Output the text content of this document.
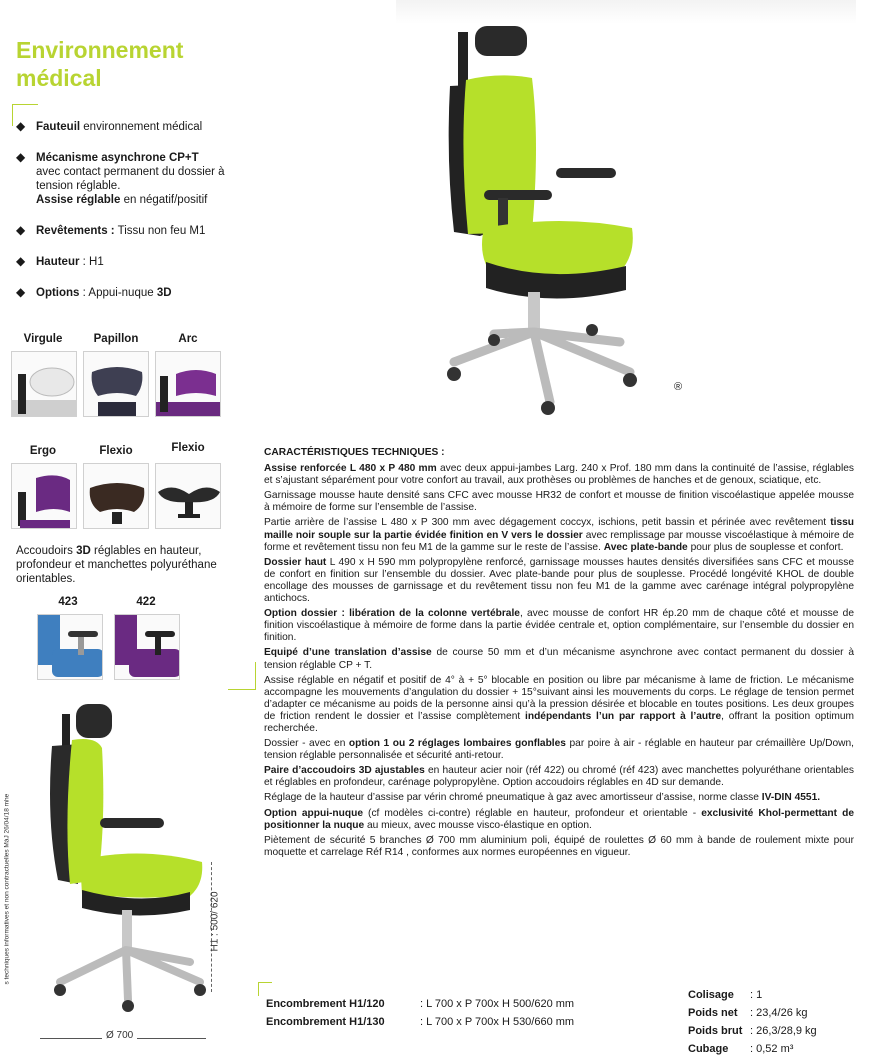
Environnement
médical
◆ Fauteuil environnement médical
◆ Mécanisme asynchrone CP+T
avec contact permanent du dossier à tension réglable.
Assise réglable en négatif/positif
◆ Revêtements : Tissu non feu M1
◆ Hauteur : H1
◆ Options : Appui-nuque 3D
Virgule	Papillon	Arc
Ergo	Flexio	Flexio
Accoudoirs 3D réglables en hauteur, profondeur et manchettes polyuréthane orientables.
423	422
®
H1 : 500/ 620
Ø 700
s techniques informatives et non contractuelles MàJ 26/04/18 mhe
CARACTÉRISTIQUES TECHNIQUES :

Assise renforcée L 480 x P 480 mm avec deux appui-jambes Larg. 240 x Prof. 180 mm dans la continuité de l’assise, réglables et s’ajustant séparément pour votre confort au travail, aux prothèses ou problèmes de hanches et de genoux, sciatique, etc.

Garnissage mousse haute densité sans CFC avec mousse HR32 de confort et mousse de finition viscoélastique appelée mousse à mémoire de forme sur l’ensemble de l’assise.

Partie arrière de l’assise L 480 x P 300 mm avec dégagement coccyx, ischions, petit bassin et périnée avec revêtement tissu maille noir souple sur la partie évidée finition en V vers le dossier avec remplissage par mousse viscoélastique à mémoire de forme et revêtement tissu non feu M1 de la gamme sur le reste de l’assise. Avec plate-bande pour plus de souplesse et confort.

Dossier haut L 490 x H 590 mm polypropylène renforcé, garnissage mousses hautes densités diversifiées sans CFC et mousse de confort en finition sur l’ensemble du dossier. Avec plate-bande pour plus de souplesse. Procédé longévité KHOL de double encollage des mousses de garnissage et du revêtement tissu non feu M1 de la gamme avec carénage intégral polypropylène antichocs.

Option dossier : libération de la colonne vertébrale, avec mousse de confort HR ép.20 mm de chaque côté et mousse de finition viscoélastique à mémoire de forme dans la partie évidée centrale et, option complémentaire, sur l’ensemble du dossier en finition.

Equipé d’une translation d’assise de course 50 mm et d’un mécanisme asynchrone avec contact permanent du dossier à tension réglable CP + T.

Assise réglable en négatif et positif de 4° à + 5° blocable en position ou libre par mécanisme à lame de friction. Le mécanisme accompagne les mouvements d’angulation du dossier + 15°suivant ainsi les mouvements du corps. Le réglage de tension permet d’adapter ce mécanisme au poids de la personne ainsi qu’à la pression désirée et blocable en toutes positions. Les deux groupes de friction rendent le dossier et l’assise complètement indépendants l’un par rapport à l’autre, offrant la position optimum recherchée.

Dossier - avec en option 1 ou 2 réglages lombaires gonflables par poire à air - réglable en hauteur par crémaillère Up/Down, tension réglable personnalisée et sécurité anti-retour.

Paire d’accoudoirs 3D ajustables en hauteur acier noir (réf 422) ou chromé (réf 423) avec manchettes polyuréthane orientables et réglables en profondeur, carénage polypropylène. Option accoudoirs réglables en 4D sur demande.

Réglage de la hauteur d’assise par vérin chromé pneumatique à gaz avec amortisseur d’assise, norme classe IV-DIN 4551.

Option appui-nuque (cf modèles ci-contre) réglable en hauteur, profondeur et orientable - exclusivité Khol-permettant de positionner la nuque au mieux, avec mousse visco-élastique en option.

Piètement de sécurité 5 branches Ø 700 mm aluminium poli, équipé de roulettes Ø 60 mm à bande de roulement mixte pour moquette et carrelage Réf R14 , conformes aux normes européennes en vigueur.

Encombrement H1/120	: L 700 x P 700x H 500/620 mm
Encombrement H1/130	: L 700 x P 700x H 530/660 mm
Colisage : 1
Poids net : 23,4/26 kg
Poids brut : 26,3/28,9 kg
Cubage : 0,52 m³
